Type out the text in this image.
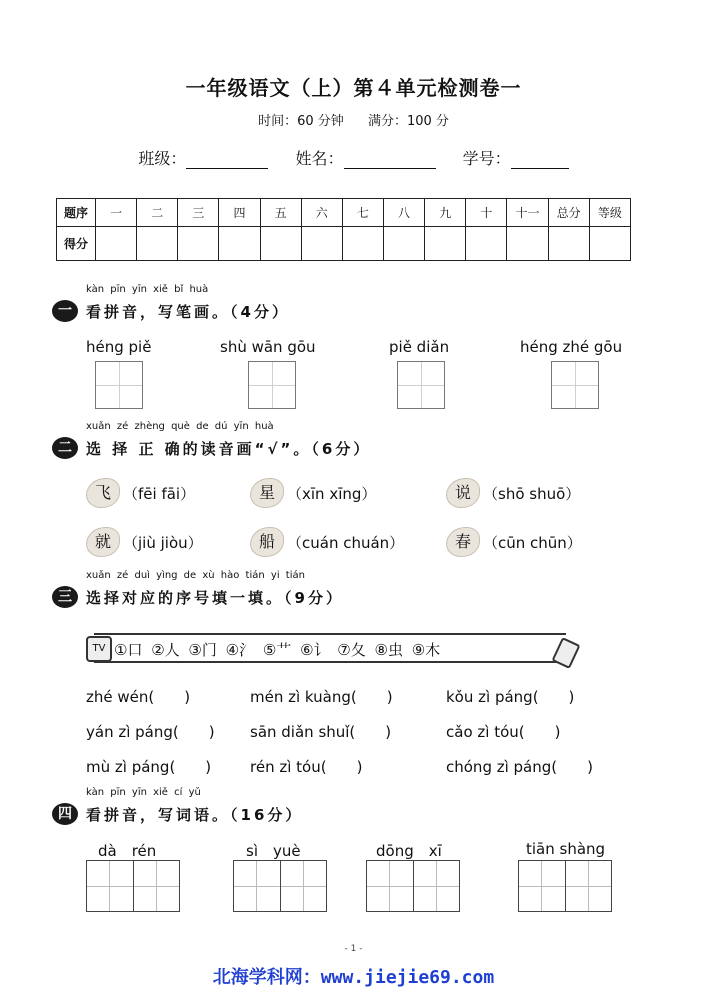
一年级语文（上）第４单元检测卷一
时间：60 分钟 满分：100 分
班级：	姓名：	学号：
题序	一	二	三	四	五	六	七	八	九	十	十一	总分	等级
得分													
kàn pīn yīn xiě bǐ huà
一 看拼音，写笔画。（4分）
héng piě	shù wān gōu	piě diǎn	héng zhé gōu
xuǎn zé zhèng què de dú yīn huà
二 选 择 正 确的读音画“√”。（6分）
飞 （fēi fāi）	星 （xīn xīng）	说 （shō shuō）
就 （jiù jiòu）	船 （cuán chuán）	春 （cūn chūn）
xuǎn zé duì yìng de xù hào tián yi tián
三 选择对应的序号填一填。（9分）
①口 ②人 ③门 ④氵 ⑤艹 ⑥讠 ⑦夂 ⑧虫 ⑨木
TV
zhé wén(　　)	mén zì kuàng(　　)	kǒu zì páng(　　)
yán zì páng(　　) sān diǎn shuǐ(　　)	cǎo zì tóu(　　)
mù zì páng(　　)	rén zì tóu(　　)	chóng zì páng(　　)
kàn pīn yīn xiě cí yǔ
四 看拼音，写词语。（16分）
dà　rén	sì　yuè	dōng　xī	tiān shàng
- 1 -
北海学科网：www.jiejie69.com
